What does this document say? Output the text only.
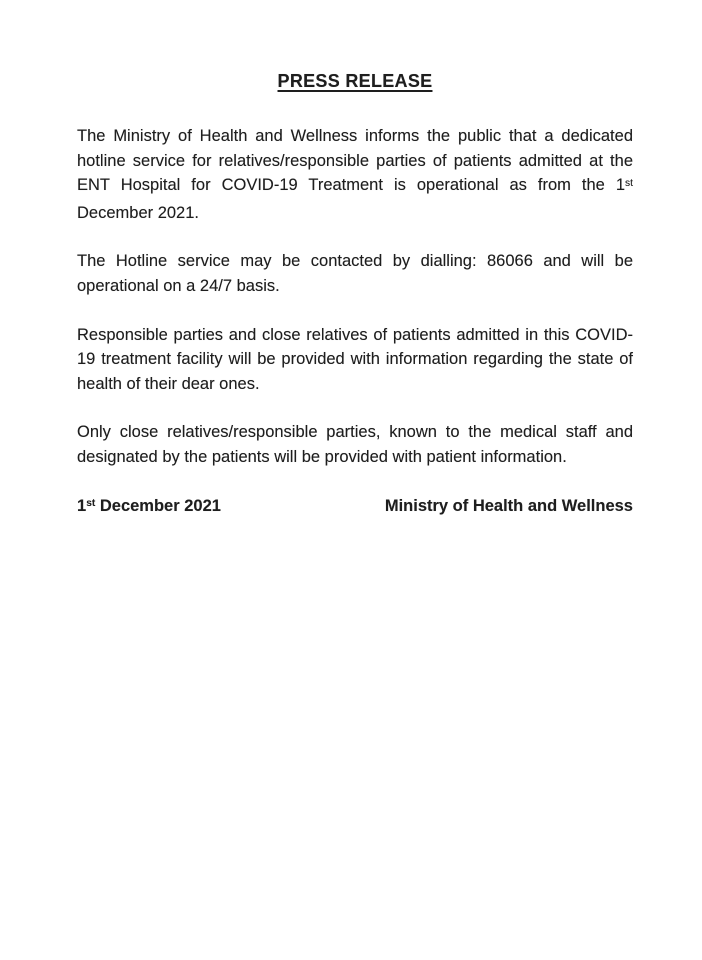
PRESS RELEASE

The Ministry of Health and Wellness informs the public that a dedicated hotline service for relatives/responsible parties of patients admitted at the ENT Hospital for COVID-19 Treatment is operational as from the 1st December 2021.

The Hotline service may be contacted by dialling: 86066 and will be operational on a 24/7 basis.

Responsible parties and close relatives of patients admitted in this COVID-19 treatment facility will be provided with information regarding the state of health of their dear ones.

Only close relatives/responsible parties, known to the medical staff and designated by the patients will be provided with patient information.

1st December 2021	Ministry of Health and Wellness
